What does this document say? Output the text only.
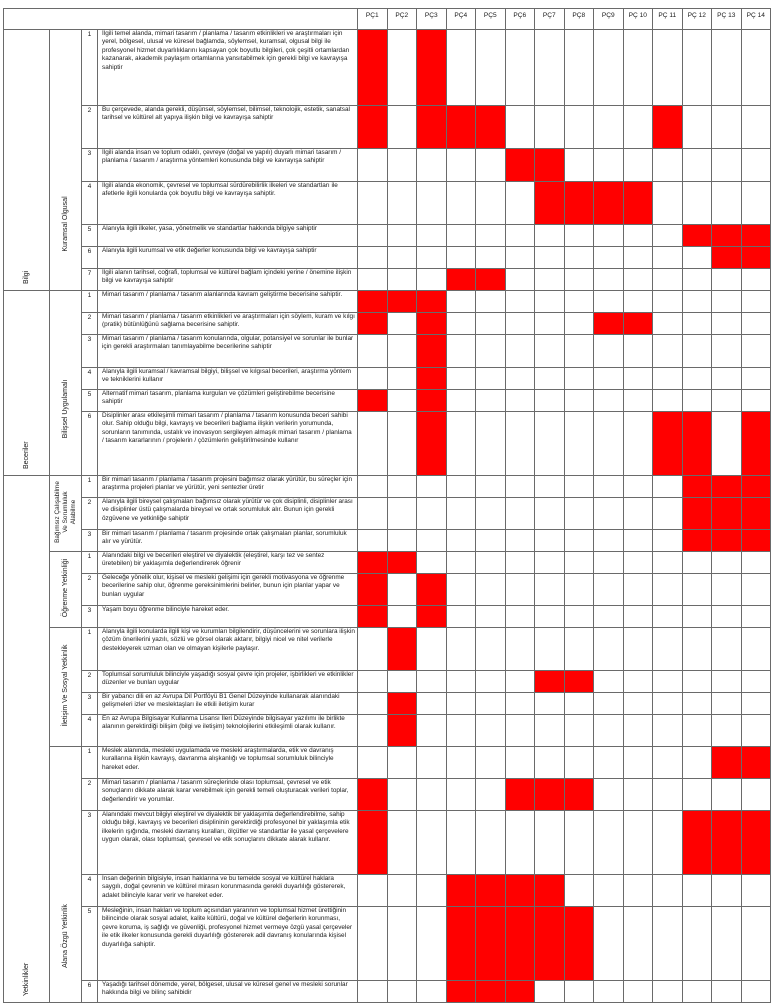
				PÇ1	PÇ2	PÇ3	PÇ4	PÇ5	PÇ6	PÇ7	PÇ8	PÇ9	PÇ 10	PÇ 11	PÇ 12	PÇ 13	PÇ 14

Bilgi	Kuramsal Olgusal	1	İlgili temel alanda, mimari tasarım / planlama / tasarım etkinlikleri ve araştırmaları için yerel, bölgesel, ulusal ve küresel bağlamda, söylemsel, kuramsal, olgusal bilgi ile profesyonel hizmet duyarlılıklarını kapsayan çok boyutlu bilgileri, çok çeşitli ortamlardan kazanarak, akademik paylaşım ortamlarına yansıtabilmek için gerekli bilgi ve kavrayışa sahiptir														
		2	Bu çerçevede, alanda gerekli, düşünsel, söylemsel, bilimsel, teknolojik, estetik, sanatsal tarihsel ve kültürel alt yapıya ilişkin bilgi ve kavrayışa sahiptir														
		3	İlgili alanda insan ve toplum odaklı, çevreye (doğal ve yapılı) duyarlı mimari tasarım / planlama / tasarım / araştırma yöntemleri konusunda bilgi ve kavrayışa sahiptir														
		4	İlgili alanda ekonomik, çevresel ve toplumsal sürdürebilirlik ilkeleri ve standartları ile afetlerle ilgili konularda çok boyutlu bilgi ve kavrayışa sahiptir.														
		5	Alanıyla ilgili ilkeler, yasa, yönetmelik ve standartlar hakkında bilgiye sahiptir														
		6	Alanıyla ilgili kurumsal ve etik değerler konusunda bilgi ve kavrayışa sahiptir														
		7	İlgili alanın tarihsel, coğrafi, toplumsal ve kültürel bağlam içindeki yerine / önemine ilişkin bilgi ve kavrayışa sahiptir														

Beceriler	Bilişsel Uygulamalı	1	Mimari tasarım / planlama / tasarım alanlarında kavram geliştirme becerisine sahiptir.														
		2	Mimari tasarım / planlama / tasarım etkinlikleri ve araştırmaları için söylem, kuram ve kılgı (pratik) bütünlüğünü sağlama becerisine sahiptir.														
		3	Mimari tasarım / planlama / tasarım konularında, olgular, potansiyel ve sorunlar ile bunlar için gerekli araştırmaları tanımlayabilme becerilerine sahiptir														
		4	Alanıyla ilgili kuramsal / kavramsal bilgiyi, bilişsel ve kılgısal becerileri, araştırma yöntem ve tekniklerini kullanır														
		5	Alternatif mimari tasarım, planlama kurguları ve çözümleri geliştirebilme becerisine sahiptir														
		6	Disiplinler arası etkileşimli mimari tasarım / planlama / tasarım konusunda beceri sahibi olur. Sahip olduğu bilgi, kavrayış ve becerileri bağlama ilişkin verilerin yorumunda, sorunların tanımında, ustalık ve inovasyon sergileyen almaşık mimari tasarım / planlama / tasarım kararlarının / projelerin / çözümlerin geliştirilmesinde kullanır														

Yetkinlikler	Bağımsız Çalışabilme Ve Sorumluluk Alabilme	1	Bir mimari tasarım / planlama / tasarım projesini bağımsız olarak yürütür, bu süreçler için araştırma projeleri planlar ve yürütür, yeni sentezler üretir														
		2	Alanıyla ilgili bireysel çalışmaları bağımsız olarak yürütür ve çok disiplinli, disiplinler arası ve disiplinler üstü çalışmalarda bireysel ve ortak sorumluluk alır. Bunun için gerekli özgüvene ve yetkinliğe sahiptir														
		3	Bir mimari tasarım / planlama / tasarım projesinde ortak çalışmaları planlar, sorumluluk alır ve yürütür.														

	Öğrenme Yetkinliği	1	Alanındaki bilgi ve becerileri eleştirel ve diyalektik (eleştirel, karşı tez ve sentez üretebilen) bir yaklaşımla değerlendirerek öğrenir														
		2	Geleceğe yönelik olur, kişisel ve mesleki gelişimi için gerekli motivasyona ve öğrenme becerilerine sahip olur, öğrenme gereksinimlerini belirler, bunun için planlar yapar ve bunları uygular														
		3	Yaşam boyu öğrenme bilinciyle hareket eder.														

	İletişim Ve Sosyal Yetkinlik	1	Alanıyla ilgili konularda ilgili kişi ve kurumları bilgilendirir, düşüncelerini ve sorunlara ilişkin çözüm önerilerini yazılı, sözlü ve görsel olarak aktarır, bilgiyi nicel ve nitel verilerle destekleyerek uzman olan ve olmayan kişilerle paylaşır.														
		2	Toplumsal sorumluluk bilinciyle yaşadığı sosyal çevre için projeler, işbirlikleri ve etkinlikler düzenler ve bunları uygular														
		3	Bir yabancı dili en az Avrupa Dil Portföyü B1 Genel Düzeyinde kullanarak alanındaki gelişmeleri izler ve meslektaşları ile etkili iletişim kurar														
		4	En az Avrupa Bilgisayar Kullanma Lisansı İleri Düzeyinde bilgisayar yazılımı ile birlikte alanının gerektirdiği bilişim (bilgi ve iletişim) teknolojilerini etkileşimli olarak kullanır.														

	Alana Özgü Yetkinlik	1	Meslek alanında, mesleki uygulamada ve mesleki araştırmalarda, etik ve davranış kurallarına ilişkin kavrayış, davranma alışkanlığı ve toplumsal sorumluluk bilinciyle hareket eder.														
		2	Mimari tasarım / planlama / tasarım süreçlerinde olası toplumsal, çevresel ve etik sonuçlarını dikkate alarak karar verebilmek için gerekli temeli oluşturacak verileri toplar, değerlendirir ve yorumlar.														
		3	Alanındaki mevcut bilgiyi eleştirel ve diyalektik bir yaklaşımla değerlendirebilme, sahip olduğu bilgi, kavrayış ve becerileri disiplininin gerektirdiği profesyonel bir yaklaşımla etik ilkelerin ışığında, mesleki davranış kuralları, ölçütler ve standartlar ile yasal çerçevelere uygun olarak, olası toplumsal, çevresel ve etik sonuçlarını dikkate alarak kullanır.														
		4	İnsan değerinin bilgisiyle, insan haklarına ve bu temelde sosyal ve kültürel haklara saygılı, doğal çevrenin ve kültürel mirasın korunmasında gerekli duyarlılığı göstererek, adalet bilinciyle karar verir ve hareket eder.														
		5	Mesleğinin, insan hakları ve toplum açısından yararının ve toplumsal hizmet ürettiğinin bilincinde olarak sosyal adalet, kalite kültürü, doğal ve kültürel değerlerin korunması, çevre koruma, iş sağlığı ve güvenliği, profesyonel hizmet vermeye özgü yasal çerçeveler ile etik ilkeler konusunda gerekli duyarlılığı göstererek adil davranış konularında kişisel duyarlılığa sahiptir.														
		6	Yaşadığı tarihsel dönemde, yerel, bölgesel, ulusal ve küresel genel ve mesleki sorunlar hakkında bilgi ve bilinç sahibidir														
